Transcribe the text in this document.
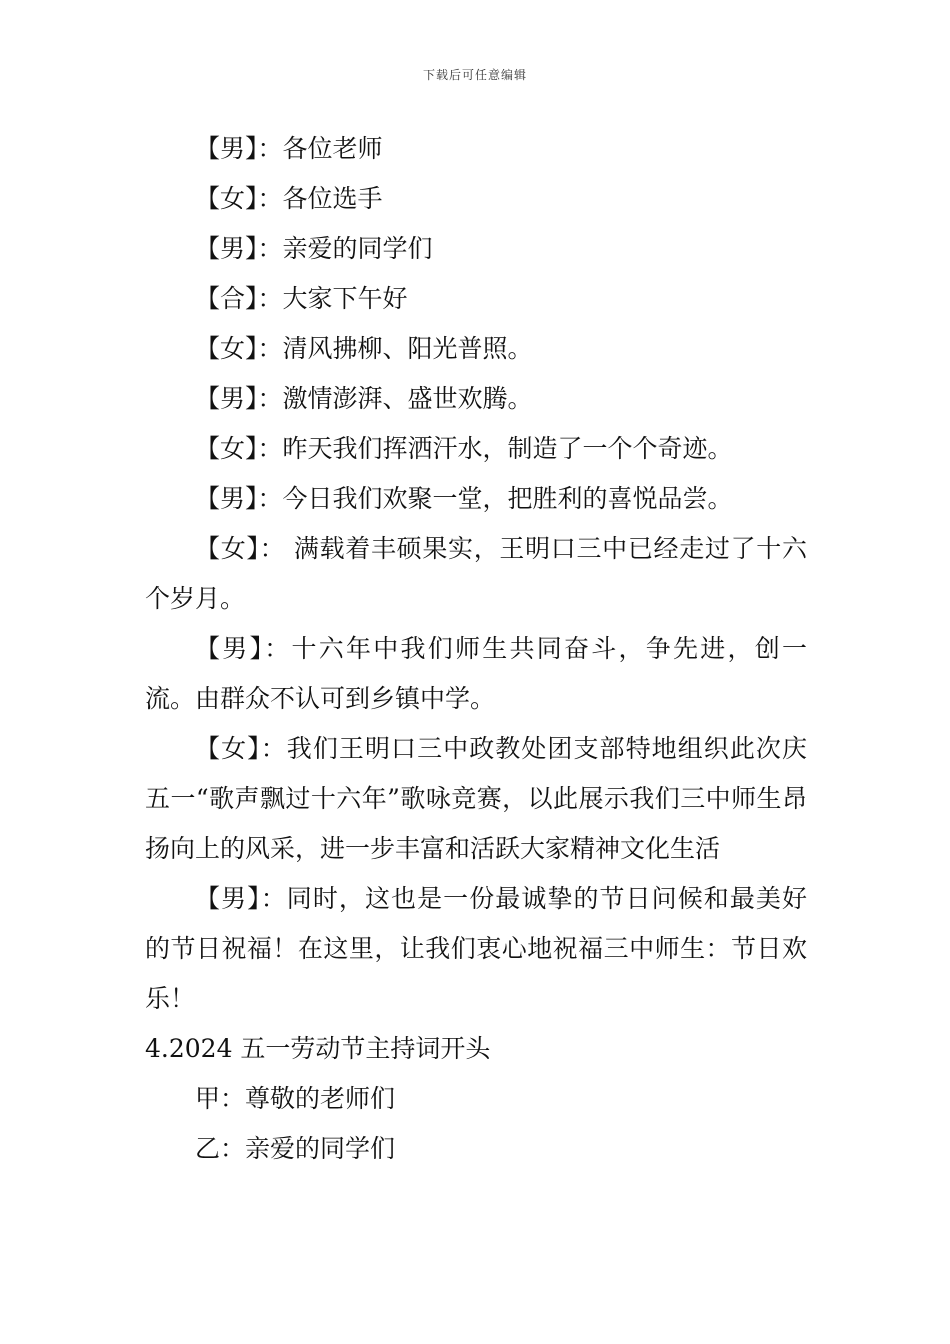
下载后可任意编辑

【男】：各位老师

【女】：各位选手

【男】：亲爱的同学们

【合】：大家下午好

【女】：清风拂柳、阳光普照。

【男】：激情澎湃、盛世欢腾。

【女】：昨天我们挥洒汗水，制造了一个个奇迹。

【男】：今日我们欢聚一堂，把胜利的喜悦品尝。

【女】： 满载着丰硕果实，王明口三中已经走过了十六个岁月。

【男】：十六年中我们师生共同奋斗，争先进，创一流。由群众不认可到乡镇中学。

【女】：我们王明口三中政教处团支部特地组织此次庆五一“歌声飘过十六年”歌咏竞赛，以此展示我们三中师生昂扬向上的风采，进一步丰富和活跃大家精神文化生活

【男】：同时，这也是一份最诚挚的节日问候和最美好的节日祝福！在这里，让我们衷心地祝福三中师生：节日欢乐！

4.2024 五一劳动节主持词开头

甲：尊敬的老师们

乙：亲爱的同学们
